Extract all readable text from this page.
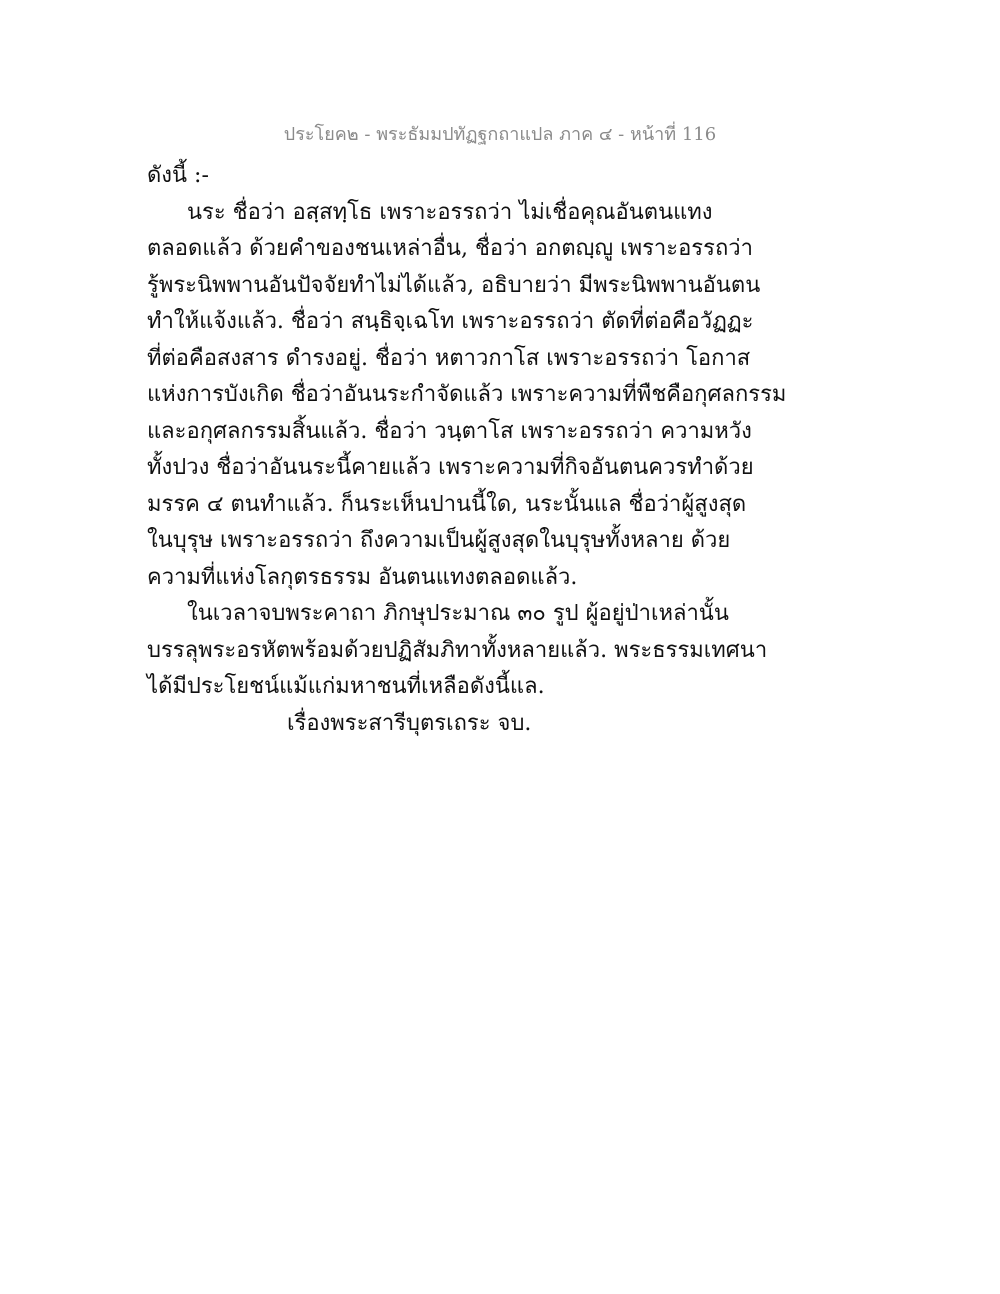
ประโยค๒ - พระธัมมปทัฏฐกถาแปล ภาค ๔ - หน้าที่ 116
ดังนี้ :-
นระ ชื่อว่า อสฺสทฺโธ เพราะอรรถว่า ไม่เชื่อคุณอันตนแทง
ตลอดแล้ว ด้วยคำของชนเหล่าอื่น, ชื่อว่า อกตญฺญู เพราะอรรถว่า
รู้พระนิพพานอันปัจจัยทำไม่ได้แล้ว, อธิบายว่า มีพระนิพพานอันตน
ทำให้แจ้งแล้ว. ชื่อว่า สนฺธิจฺเฉโท เพราะอรรถว่า ตัดที่ต่อคือวัฏฏะ
ที่ต่อคือสงสาร ดำรงอยู่. ชื่อว่า หตาวกาโส เพราะอรรถว่า โอกาส
แห่งการบังเกิด ชื่อว่าอันนระกำจัดแล้ว เพราะความที่พืชคือกุศลกรรม
และอกุศลกรรมสิ้นแล้ว. ชื่อว่า วนฺตาโส เพราะอรรถว่า ความหวัง
ทั้งปวง ชื่อว่าอันนระนี้คายแล้ว เพราะความที่กิจอันตนควรทำด้วย
มรรค ๔ ตนทำแล้ว. ก็นระเห็นปานนี้ใด, นระนั้นแล ชื่อว่าผู้สูงสุด
ในบุรุษ เพราะอรรถว่า ถึงความเป็นผู้สูงสุดในบุรุษทั้งหลาย ด้วย
ความที่แห่งโลกุตรธรรม อันตนแทงตลอดแล้ว.
ในเวลาจบพระคาถา ภิกษุประมาณ ๓๐ รูป ผู้อยู่ป่าเหล่านั้น
บรรลุพระอรหัตพร้อมด้วยปฏิสัมภิทาทั้งหลายแล้ว. พระธรรมเทศนา
ได้มีประโยชน์แม้แก่มหาชนที่เหลือดังนี้แล.
เรื่องพระสารีบุตรเถระ จบ.
